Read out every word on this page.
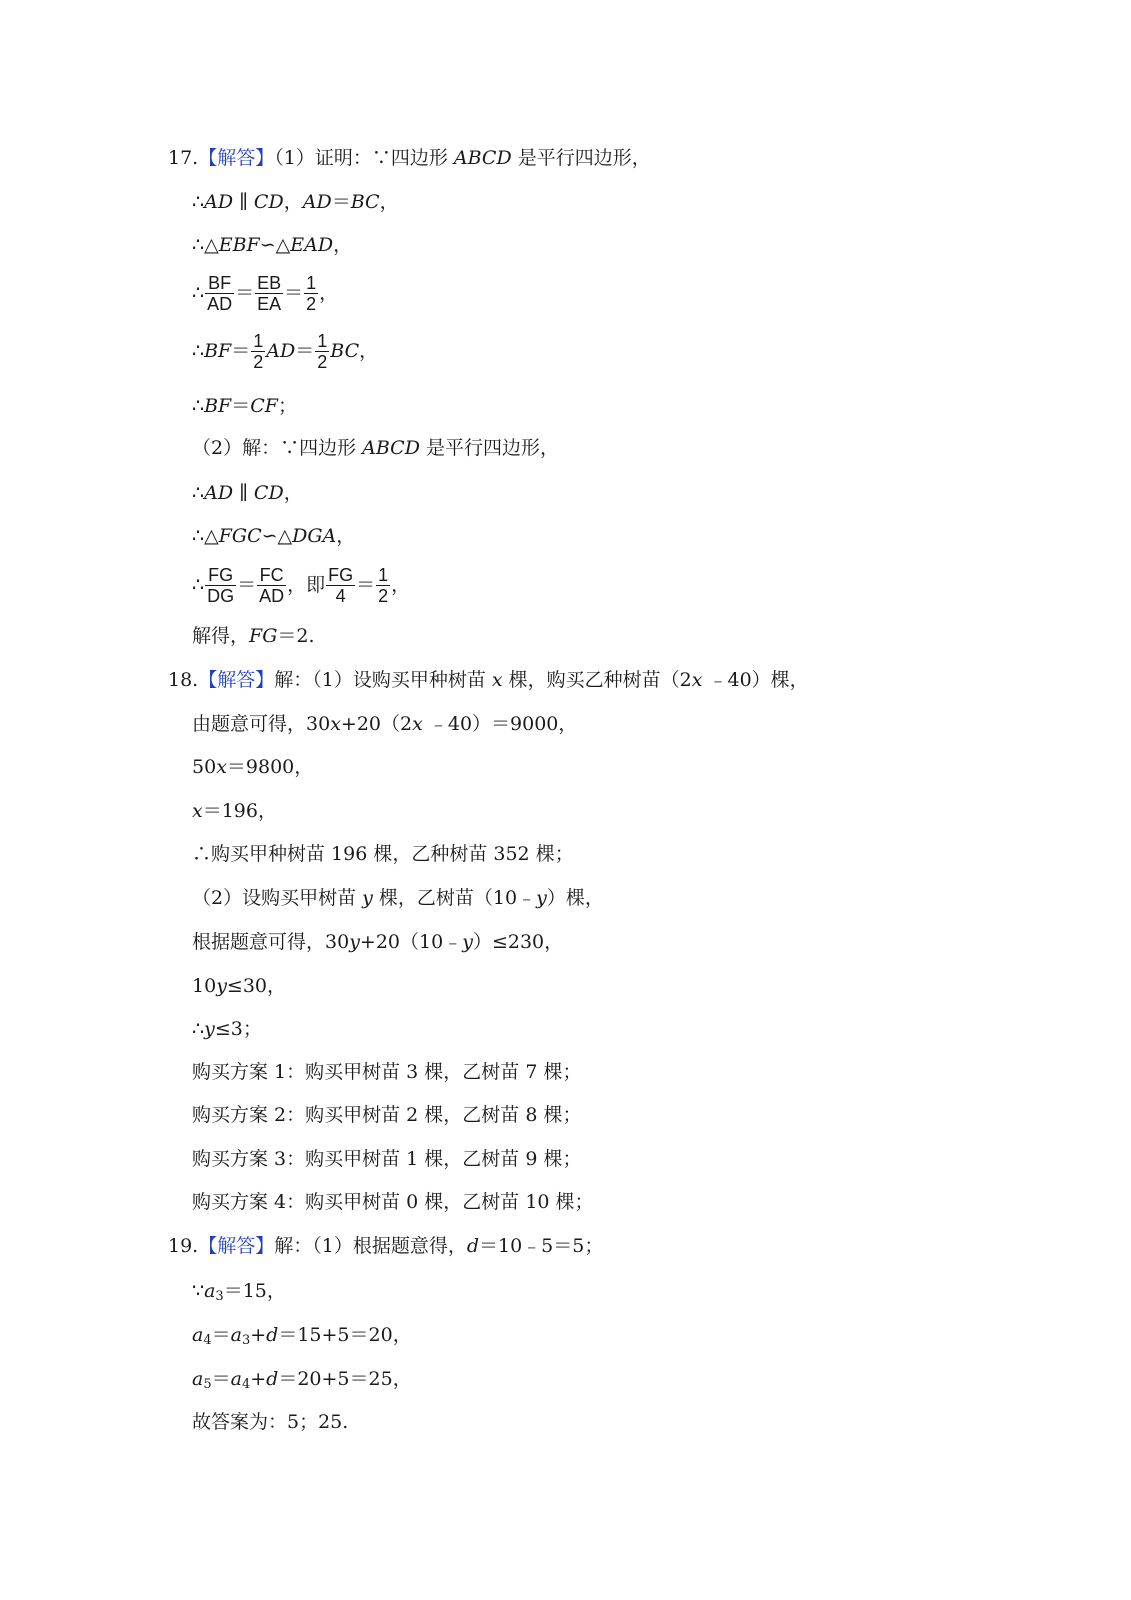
17.【解答】（1）证明：∵四边形 ABCD 是平行四边形，
∴AD ∥ CD，AD＝BC，
∴△EBF∽△EAD，
∴ $\frac{BF}{AD} = \frac{EB}{EA} = \frac{1}{2}$ ，
∴ BF ＝ $\frac{1}{2}$ AD ＝ $\frac{1}{2}$ BC ，
∴BF＝CF；
（2）解：∵四边形 ABCD 是平行四边形，
∴AD ∥ CD，
∴△FGC∽△DGA，
∴ $\frac{FG}{DG} = \frac{FC}{AD}$ ，即 $\frac{FG}{4} = \frac{1}{2}$ ，
解得，FG＝2.
18.【解答】解：（1）设购买甲种树苗 x 棵，购买乙种树苗（2x ﹣40）棵，
由题意可得，30x+20（2x ﹣40）＝9000，
50x＝9800，
x＝196，
∴购买甲种树苗 196 棵，乙种树苗 352 棵；
（2）设购买甲树苗 y 棵，乙树苗（10﹣y）棵，
根据题意可得，30y+20（10﹣y）≤230，
10y≤30，
∴y≤3；
购买方案 1：购买甲树苗 3 棵，乙树苗 7 棵；
购买方案 2：购买甲树苗 2 棵，乙树苗 8 棵；
购买方案 3：购买甲树苗 1 棵，乙树苗 9 棵；
购买方案 4：购买甲树苗 0 棵，乙树苗 10 棵；
19.【解答】解：（1）根据题意得，d＝10﹣5＝5；
$\because a_3=15$，
$a_4=a_3+d=15+5=20$，
$a_5=a_4+d=20+5=25$，
故答案为：5；25.
